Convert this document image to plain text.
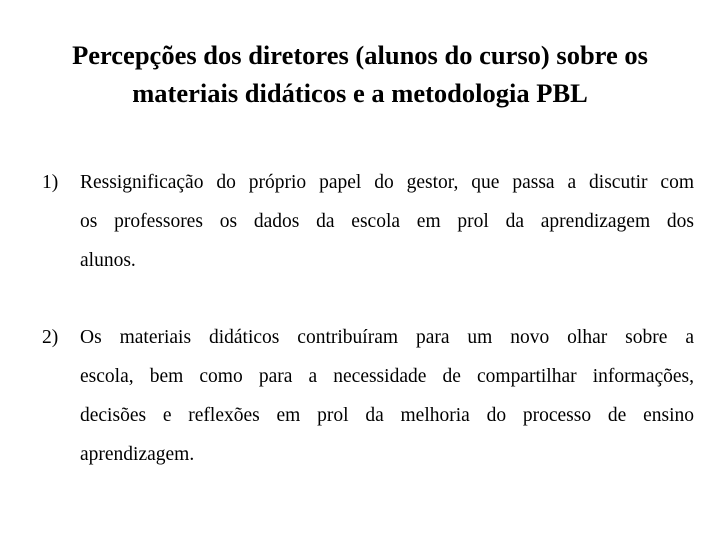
Percepções dos diretores (alunos do curso) sobre os
materiais didáticos e a metodologia PBL
1) Ressignificação do próprio papel do gestor, que passa a discutir com
os professores os dados da escola em prol da aprendizagem dos
alunos.
2) Os materiais didáticos contribuíram para um novo olhar sobre a
escola, bem como para a necessidade de compartilhar informações,
decisões e reflexões em prol da melhoria do processo de ensino
aprendizagem.
